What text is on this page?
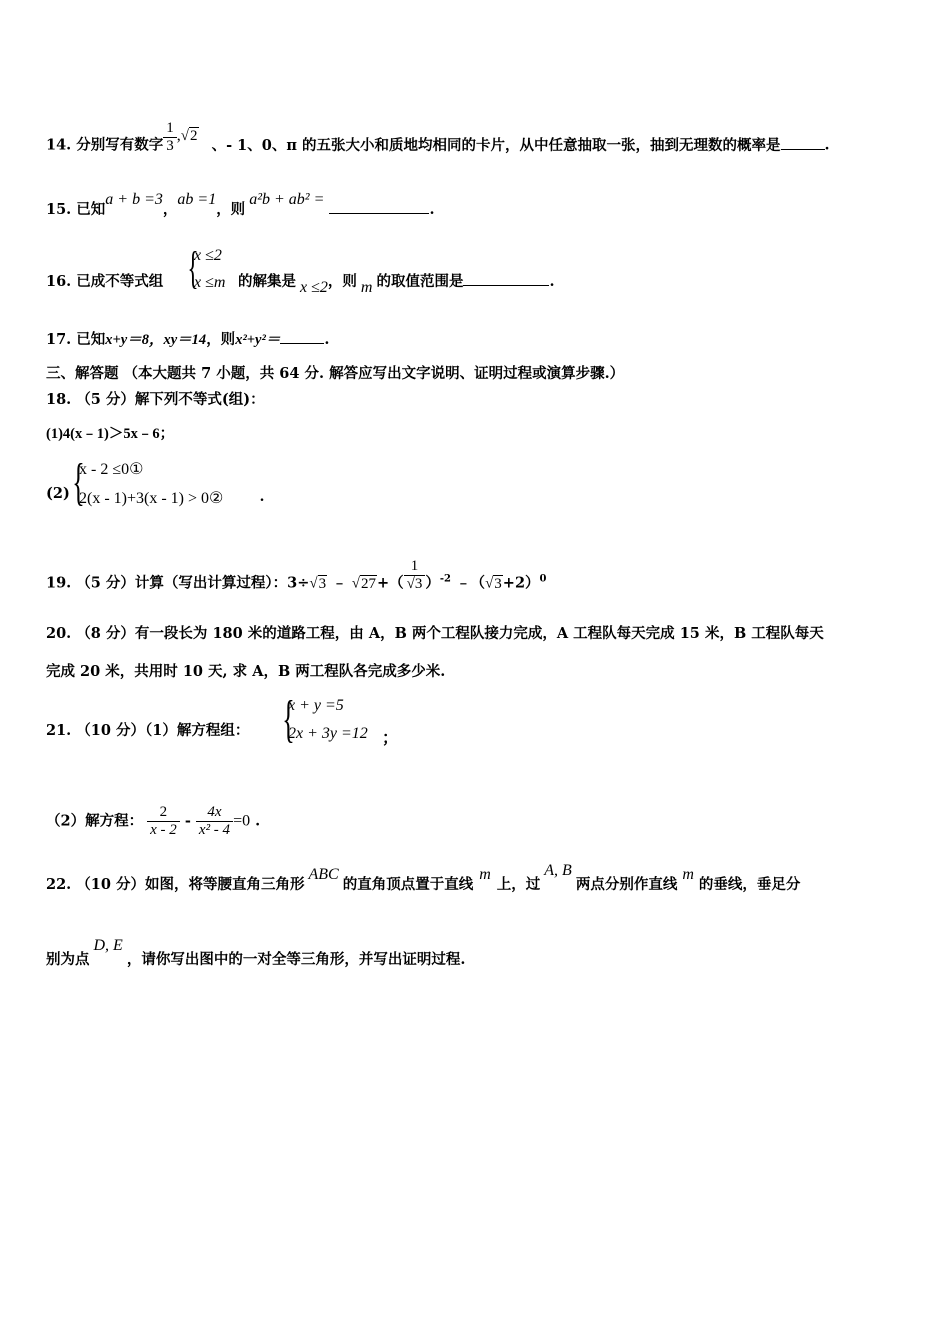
14. 分别写有数字 $\frac{1}{3} ,√2$ 、- 1、0、π 的五张大小和质地均相同的卡片，从中任意抽取一张，抽到无理数的概率是	.
15. 已知a + b =3，ab =1，则a²b + ab² = .
16. 已成不等式组 {
x ≤2
x ≤m 的解集是 x ≤2，则 m 的取值范围是	.
17. 已知x+y＝8，xy＝14，则x²+y²＝	.
三、解答题 （本大题共 7 小题，共 64 分. 解答应写出文字说明、证明过程或演算步骤.）
18. （5 分）解下列不等式(组)：
(1)4(x﹣1)＞5x﹣6；
(2) {
x - 2 ≤0①
2(x - 1)+3(x - 1) > 0② .
19. （5 分）计算（写出计算过程）：3÷√3 ﹣ $√27+( \frac{1}{√3} )^{-2}$ $﹣(√3+2)^0$
20. （8 分）有一段长为 180 米的道路工程，由 A，B 两个工程队接力完成，A 工程队每天完成 15 米，B 工程队每天
完成 20 米，共用时 10 天, 求 A，B 两工程队各完成多少米.
21. （10 分）（1）解方程组： {
x + y =5
2x + 3y =12 ；
（2）解方程： $\frac{2}{x - 2} - \frac{4x}{\text{x² - 4}} =0$ .
22. （10 分）如图，将等腰直角三角形ABC的直角顶点置于直线m上，过A, B两点分别作直线m的垂线，垂足分
别为点D, E，请你写出图中的一对全等三角形，并写出证明过程.
